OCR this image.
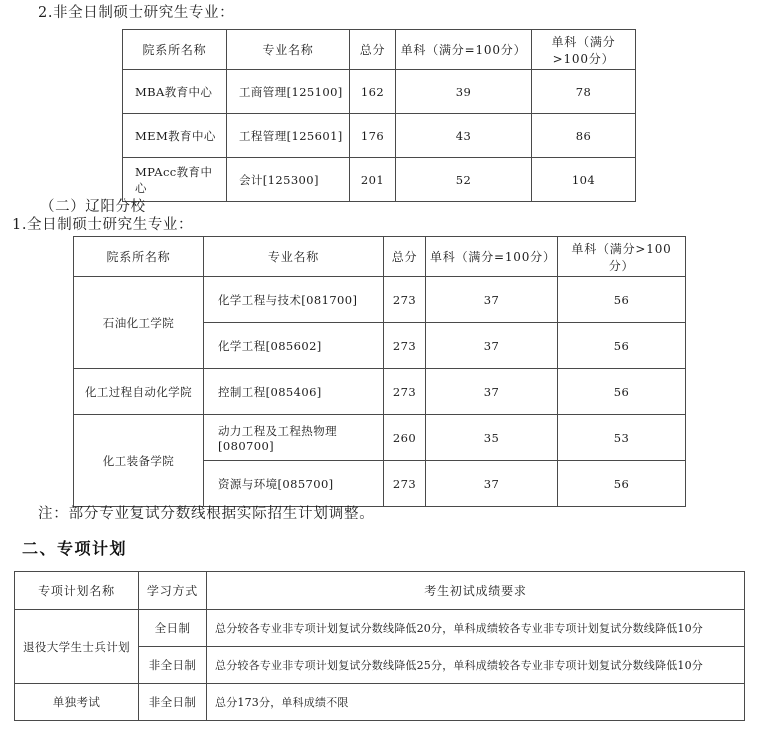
2.非全日制硕士研究生专业：
院系所名称	专业名称	总分	单科（满分=100分）	单科（满分>100分）
MBA教育中心	工商管理[125100]	162	39	78
MEM教育中心	工程管理[125601]	176	43	86
MPAcc教育中心	会计[125300]	201	52	104
（二）辽阳分校
1.全日制硕士研究生专业：
院系所名称	专业名称	总分	单科（满分=100分）	单科（满分>100分）
石油化工学院	化学工程与技术[081700]	273	37	56
	化学工程[085602]	273	37	56
化工过程自动化学院	控制工程[085406]	273	37	56
化工装备学院	动力工程及工程热物理[080700]	260	35	53
	资源与环境[085700]	273	37	56
注：部分专业复试分数线根据实际招生计划调整。
二、专项计划
专项计划名称	学习方式	考生初试成绩要求
退役大学生士兵计划	全日制	总分较各专业非专项计划复试分数线降低20分，单科成绩较各专业非专项计划复试分数线降低10分
	非全日制	总分较各专业非专项计划复试分数线降低25分，单科成绩较各专业非专项计划复试分数线降低10分
单独考试	非全日制	总分173分，单科成绩不限
